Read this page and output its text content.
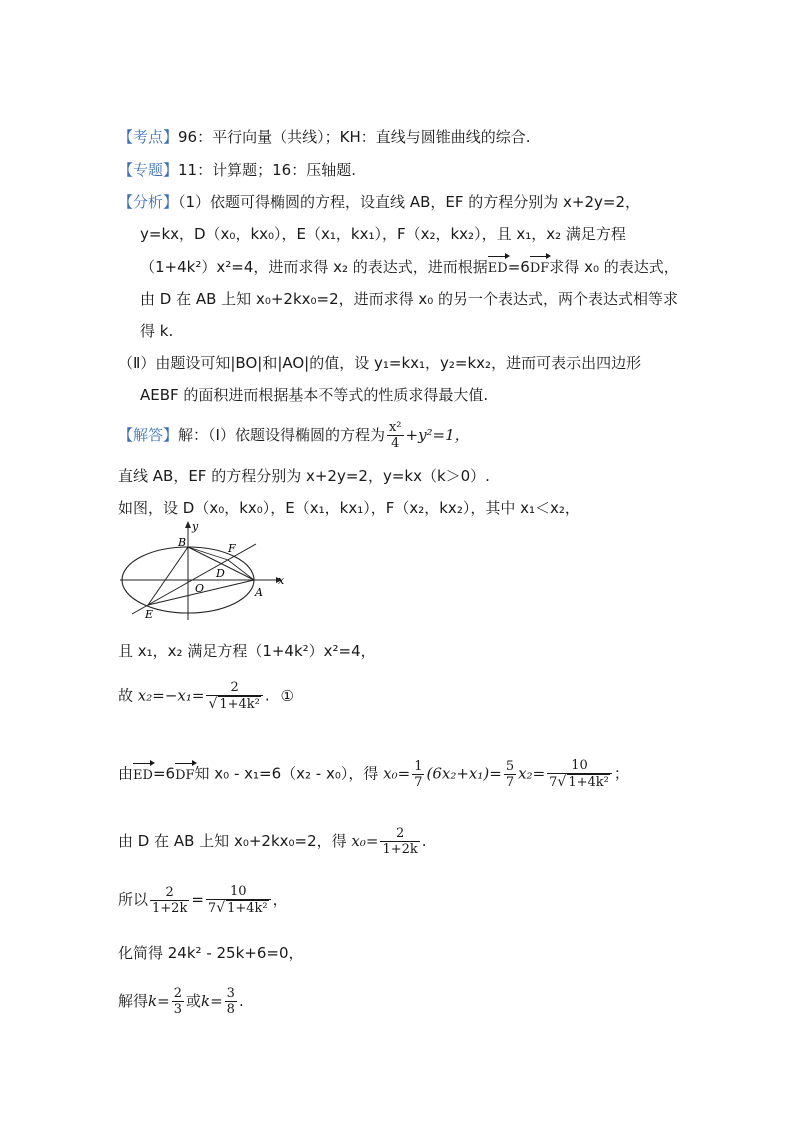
【考点】96：平行向量（共线）；KH：直线与圆锥曲线的综合.
【专题】11：计算题；16：压轴题.
【分析】（1）依题可得椭圆的方程，设直线 AB，EF 的方程分别为 x+2y=2，
y=kx，D（x₀，kx₀），E（x₁，kx₁），F（x₂，kx₂），且 x₁，x₂ 满足方程
（1+4k²）x²=4，进而求得 x₂ 的表达式，进而根据ED=6DF求得 x₀ 的表达式，
由 D 在 AB 上知 x₀+2kx₀=2，进而求得 x₀ 的另一个表达式，两个表达式相等求
得 k.
（Ⅱ）由题设可知|BO|和|AO|的值，设 y₁=kx₁，y₂=kx₂，进而可表示出四边形
AEBF 的面积进而根据基本不等式的性质求得最大值.
【解答】解：（Ⅰ）依题设得椭圆的方程为 $\frac{\text{x²}}{4} +y^2=1$，
直线 AB，EF 的方程分别为 x+2y=2，y=kx（k＞0）.
如图，设 D（x₀，kx₀），E（x₁，kx₁），F（x₂，kx₂），其中 x₁＜x₂，
y
x
B	F
D
O	A
E
且 x₁，x₂ 满足方程（1+4k²）x²=4，
故 $x_2=-x_1= \frac{2}{\text{√ 1+4k²}}$ . ①
由ED=6DF知 x₀ - x₁=6（x₂ - x₀），得 $x_0= \frac{1}{7} (6x_2+x_1)= \frac{5}{7} x_2= \frac{10}{\text{7√ 1+4k²}}$ ；
由 D 在 AB 上知 x₀+2kx₀=2，得 $x_0= \frac{2}{1+2k}$ .
所以 $\frac{2}{1+2k} = \frac{10}{\text{7√ 1+4k²}}$ ，
化简得 24k² - 25k+6=0，
解得$k= \frac{2}{3}$ 或$k= \frac{3}{8}$ .
